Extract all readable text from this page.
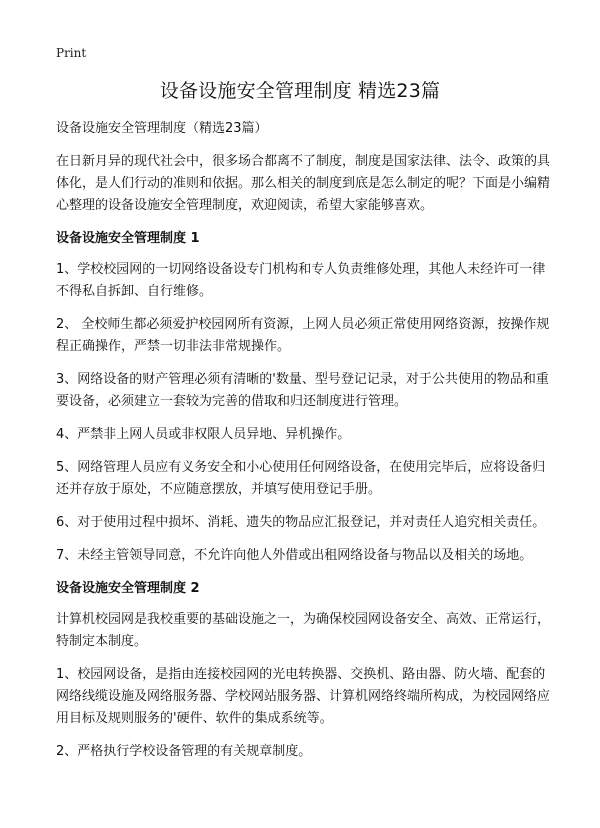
Print
设备设施安全管理制度 精选23篇

设备设施安全管理制度（精选23篇）

在日新月异的现代社会中，很多场合都离不了制度，制度是国家法律、法令、政策的具体化，是人们行动的准则和依据。那么相关的制度到底是怎么制定的呢？下面是小编精心整理的设备设施安全管理制度，欢迎阅读，希望大家能够喜欢。

设备设施安全管理制度 1

1、学校校园网的一切网络设备设专门机构和专人负责维修处理，其他人未经许可一律不得私自拆卸、自行维修。

2、 全校师生都必须爱护校园网所有资源，上网人员必须正常使用网络资源，按操作规程正确操作，严禁一切非法非常规操作。

3、网络设备的财产管理必须有清晰的'数量、型号登记记录，对于公共使用的物品和重要设备，必须建立一套较为完善的借取和归还制度进行管理。

4、严禁非上网人员或非权限人员异地、异机操作。

5、网络管理人员应有义务安全和小心使用任何网络设备，在使用完毕后，应将设备归还并存放于原处，不应随意摆放，并填写使用登记手册。

6、对于使用过程中损坏、消耗、遗失的物品应汇报登记，并对责任人追究相关责任。

7、未经主管领导同意，不允许向他人外借或出租网络设备与物品以及相关的场地。

设备设施安全管理制度 2

计算机校园网是我校重要的基础设施之一，为确保校园网设备安全、高效、正常运行，特制定本制度。

1、校园网设备，是指由连接校园网的光电转换器、交换机、路由器、防火墙、配套的网络线缆设施及网络服务器、学校网站服务器、计算机网络终端所构成，为校园网络应用目标及规则服务的'硬件、软件的集成系统等。

2、严格执行学校设备管理的有关规章制度。
